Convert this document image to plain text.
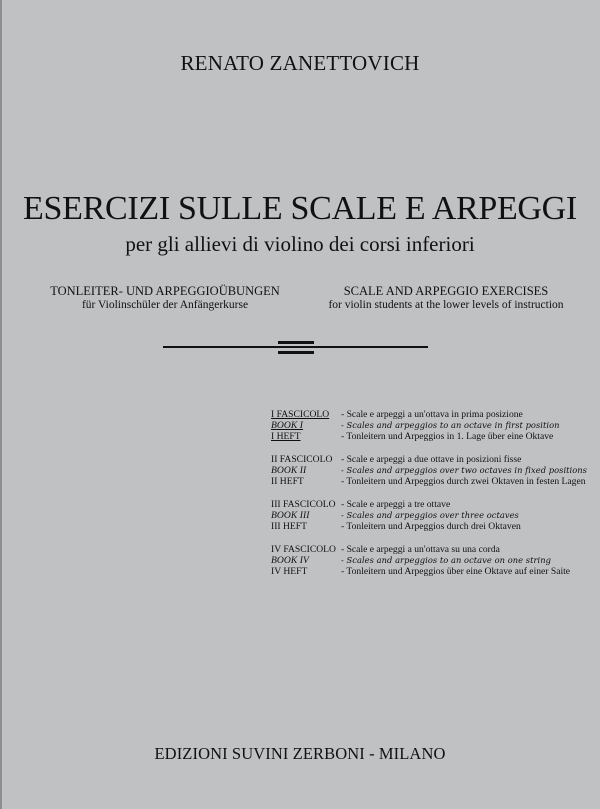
RENATO ZANETTOVICH
ESERCIZI SULLE SCALE E ARPEGGI
per gli allievi di violino dei corsi inferiori
TONLEITER- UND ARPEGGIOÜBUNGEN
für Violinschüler der Anfängerkurse
SCALE AND ARPEGGIO EXERCISES
for violin students at the lower levels of instruction
I FASCICOLO	- Scale e arpeggi a un'ottava in prima posizione
BOOK I	- Scales and arpeggios to an octave in first position
I HEFT	- Tonleitern und Arpeggios in 1. Lage über eine Oktave
II FASCICOLO - Scale e arpeggi a due ottave in posizioni fisse
BOOK II	- Scales and arpeggios over two octaves in fixed positions
II HEFT	- Tonleitern und Arpeggios durch zwei Oktaven in festen Lagen
III FASCICOLO - Scale e arpeggi a tre ottave
BOOK III	- Scales and arpeggios over three octaves
III HEFT	- Tonleitern und Arpeggios durch drei Oktaven
IV FASCICOLO - Scale e arpeggi a un'ottava su una corda
BOOK IV	- Scales and arpeggios to an octave on one string
IV HEFT	- Tonleitern und Arpeggios über eine Oktave auf einer Saite
EDIZIONI SUVINI ZERBONI - MILANO
